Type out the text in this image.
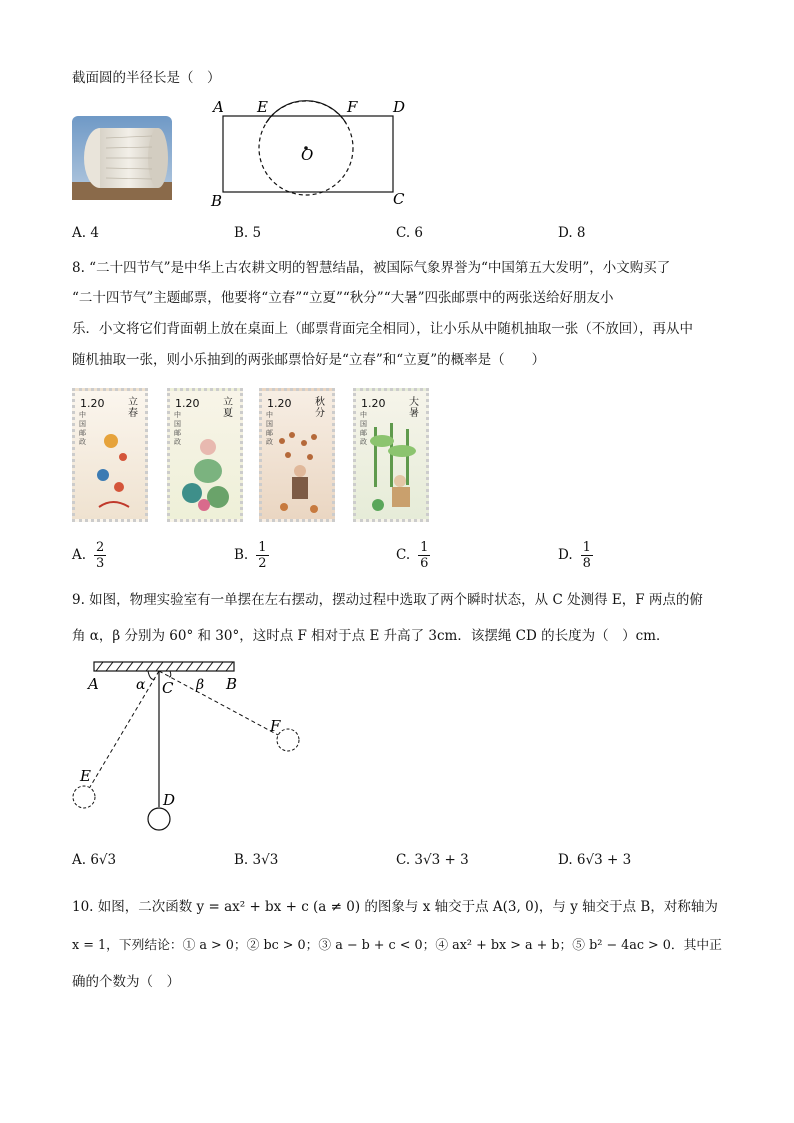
截面圆的半径长是（　）
A E	F D
O
B	C
A. 4	B. 5	C. 6	D. 8
8. “二十四节气”是中华上古农耕文明的智慧结晶，被国际气象界誉为“中国第五大发明”，小文购买了
“二十四节气”主题邮票，他要将“立春”“立夏”“秋分”“大暑”四张邮票中的两张送给好朋友小
乐．小文将它们背面朝上放在桌面上（邮票背面完全相同），让小乐从中随机抽取一张（不放回），再从中
随机抽取一张，则小乐抽到的两张邮票恰好是“立春”和“立夏”的概率是（　　）
1.20 立春
中国邮政
1.20 立夏
中国邮政
1.20 秋分
中国邮政
1.20 大暑
中国邮政
A. $\frac{2}{3}$	B. $\frac{1}{2}$	C. $\frac{1}{6}$	D. $\frac{1}{8}$
9. 如图，物理实验室有一单摆在左右摆动，摆动过程中选取了两个瞬时状态，从 C 处测得 E，F 两点的俯
角 α，β 分别为 60° 和 30°，这时点 F 相对于点 E 升高了 3cm．该摆绳 CD 的长度为（　）cm．
A	α C β B
F
E
D
A. 6√3	B. 3√3	C. 3√3 + 3	D. 6√3 + 3
10. 如图，二次函数 y = ax² + bx + c (a ≠ 0) 的图象与 x 轴交于点 A(3, 0)，与 y 轴交于点 B，对称轴为
x = 1，下列结论：① a > 0；② bc > 0；③ a − b + c < 0；④ ax² + bx > a + b；⑤ b² − 4ac > 0．其中正
确的个数为（　）
